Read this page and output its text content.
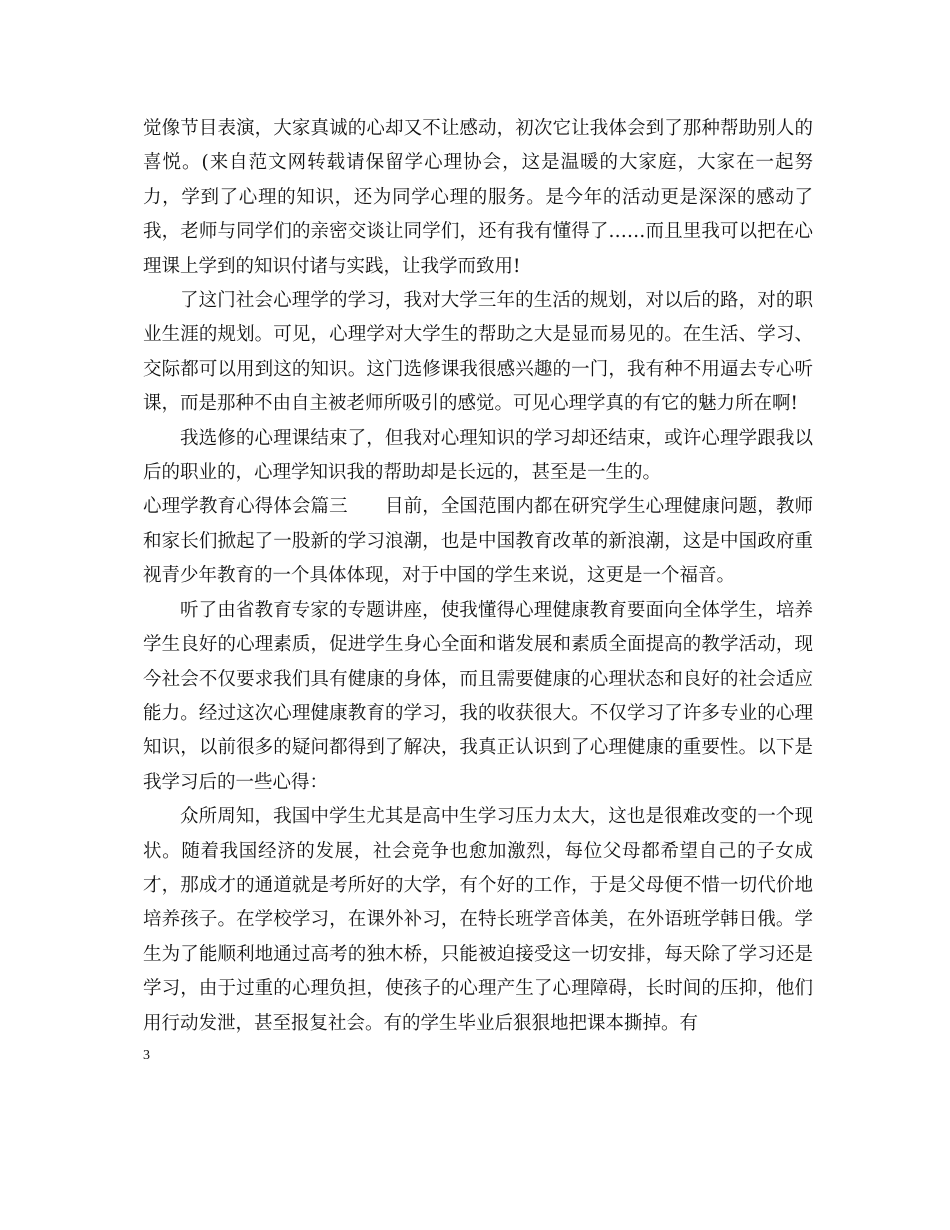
觉像节目表演，大家真诚的心却又不让感动，初次它让我体会到了那种帮助别人的喜悦。(来自范文网转载请保留学心理协会，这是温暖的大家庭，大家在一起努力，学到了心理的知识，还为同学心理的服务。是今年的活动更是深深的感动了我，老师与同学们的亲密交谈让同学们，还有我有懂得了……而且里我可以把在心理课上学到的知识付诸与实践，让我学而致用!

了这门社会心理学的学习，我对大学三年的生活的规划，对以后的路，对的职业生涯的规划。可见，心理学对大学生的帮助之大是显而易见的。在生活、学习、交际都可以用到这的知识。这门选修课我很感兴趣的一门，我有种不用逼去专心听课，而是那种不由自主被老师所吸引的感觉。可见心理学真的有它的魅力所在啊!

我选修的心理课结束了，但我对心理知识的学习却还结束，或许心理学跟我以后的职业的，心理学知识我的帮助却是长远的，甚至是一生的。

心理学教育心得体会篇三　　目前，全国范围内都在研究学生心理健康问题，教师和家长们掀起了一股新的学习浪潮，也是中国教育改革的新浪潮，这是中国政府重视青少年教育的一个具体体现，对于中国的学生来说，这更是一个福音。

听了由省教育专家的专题讲座，使我懂得心理健康教育要面向全体学生，培养学生良好的心理素质，促进学生身心全面和谐发展和素质全面提高的教学活动，现今社会不仅要求我们具有健康的身体，而且需要健康的心理状态和良好的社会适应能力。经过这次心理健康教育的学习，我的收获很大。不仅学习了许多专业的心理知识，以前很多的疑问都得到了解决，我真正认识到了心理健康的重要性。以下是我学习后的一些心得：

众所周知，我国中学生尤其是高中生学习压力太大，这也是很难改变的一个现状。随着我国经济的发展，社会竞争也愈加激烈，每位父母都希望自己的子女成才，那成才的通道就是考所好的大学，有个好的工作，于是父母便不惜一切代价地培养孩子。在学校学习，在课外补习，在特长班学音体美，在外语班学韩日俄。学生为了能顺利地通过高考的独木桥，只能被迫接受这一切安排，每天除了学习还是学习，由于过重的心理负担，使孩子的心理产生了心理障碍，长时间的压抑，他们用行动发泄，甚至报复社会。有的学生毕业后狠狠地把课本撕掉。有

3
